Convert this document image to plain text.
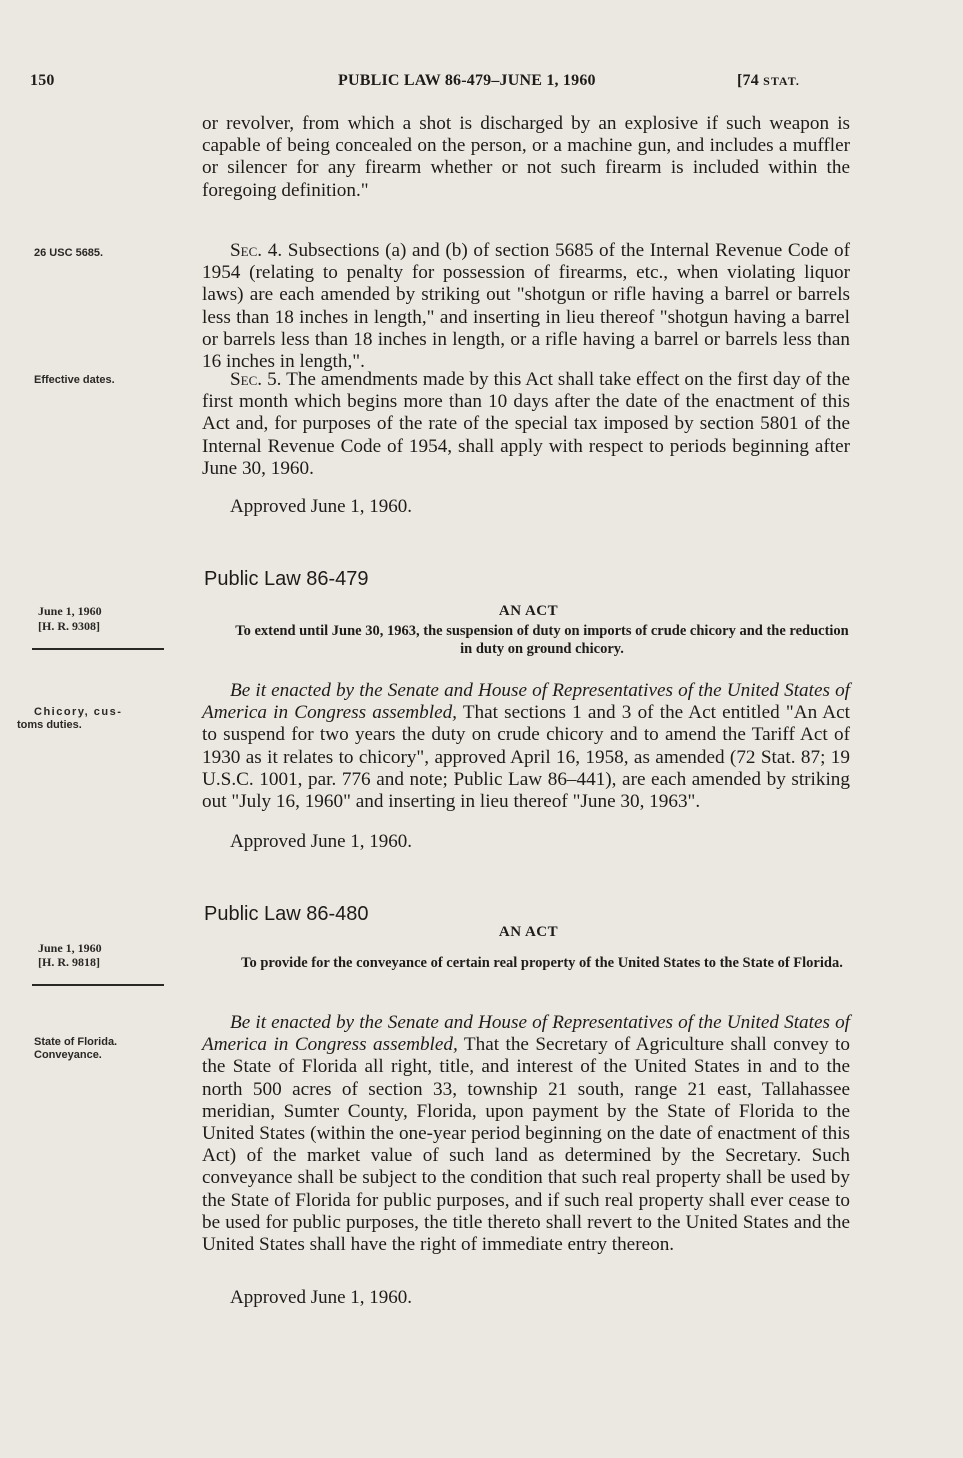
150	PUBLIC LAW 86-479–JUNE 1, 1960	[74 STAT.

or revolver, from which a shot is discharged by an explosive if such weapon is capable of being concealed on the person, or a machine gun, and includes a muffler or silencer for any firearm whether or not such firearm is included within the foregoing definition."

26 USC 5685.	Sec. 4. Subsections (a) and (b) of section 5685 of the Internal Revenue Code of 1954 (relating to penalty for possession of firearms, etc., when violating liquor laws) are each amended by striking out "shotgun or rifle having a barrel or barrels less than 18 inches in length," and inserting in lieu thereof "shotgun having a barrel or barrels less than 18 inches in length, or a rifle having a barrel or barrels less than 16 inches in length,".

Effective dates.	Sec. 5. The amendments made by this Act shall take effect on the first day of the first month which begins more than 10 days after the date of the enactment of this Act and, for purposes of the rate of the special tax imposed by section 5801 of the Internal Revenue Code of 1954, shall apply with respect to periods beginning after June 30, 1960.

Approved June 1, 1960.
Public Law 86-479
AN ACT
June 1, 1960
[H. R. 9308]	To extend until June 30, 1963, the suspension of duty on imports of crude chicory and the reduction in duty on ground chicory.
Chicory, cus-
toms duties.

Be it enacted by the Senate and House of Representatives of the United States of America in Congress assembled, That sections 1 and 3 of the Act entitled "An Act to suspend for two years the duty on crude chicory and to amend the Tariff Act of 1930 as it relates to chicory", approved April 16, 1958, as amended (72 Stat. 87; 19 U.S.C. 1001, par. 776 and note; Public Law 86–441), are each amended by striking out "July 16, 1960" and inserting in lieu thereof "June 30, 1963".

Approved June 1, 1960.
Public Law 86-480
AN ACT
June 1, 1960
[H. R. 9818]	To provide for the conveyance of certain real property of the United States to the State of Florida.
State of Florida.
Conveyance.

Be it enacted by the Senate and House of Representatives of the United States of America in Congress assembled, That the Secretary of Agriculture shall convey to the State of Florida all right, title, and interest of the United States in and to the north 500 acres of section 33, township 21 south, range 21 east, Tallahassee meridian, Sumter County, Florida, upon payment by the State of Florida to the United States (within the one-year period beginning on the date of enactment of this Act) of the market value of such land as determined by the Secretary. Such conveyance shall be subject to the condition that such real property shall be used by the State of Florida for public purposes, and if such real property shall ever cease to be used for public purposes, the title thereto shall revert to the United States and the United States shall have the right of immediate entry thereon.

Approved June 1, 1960.
